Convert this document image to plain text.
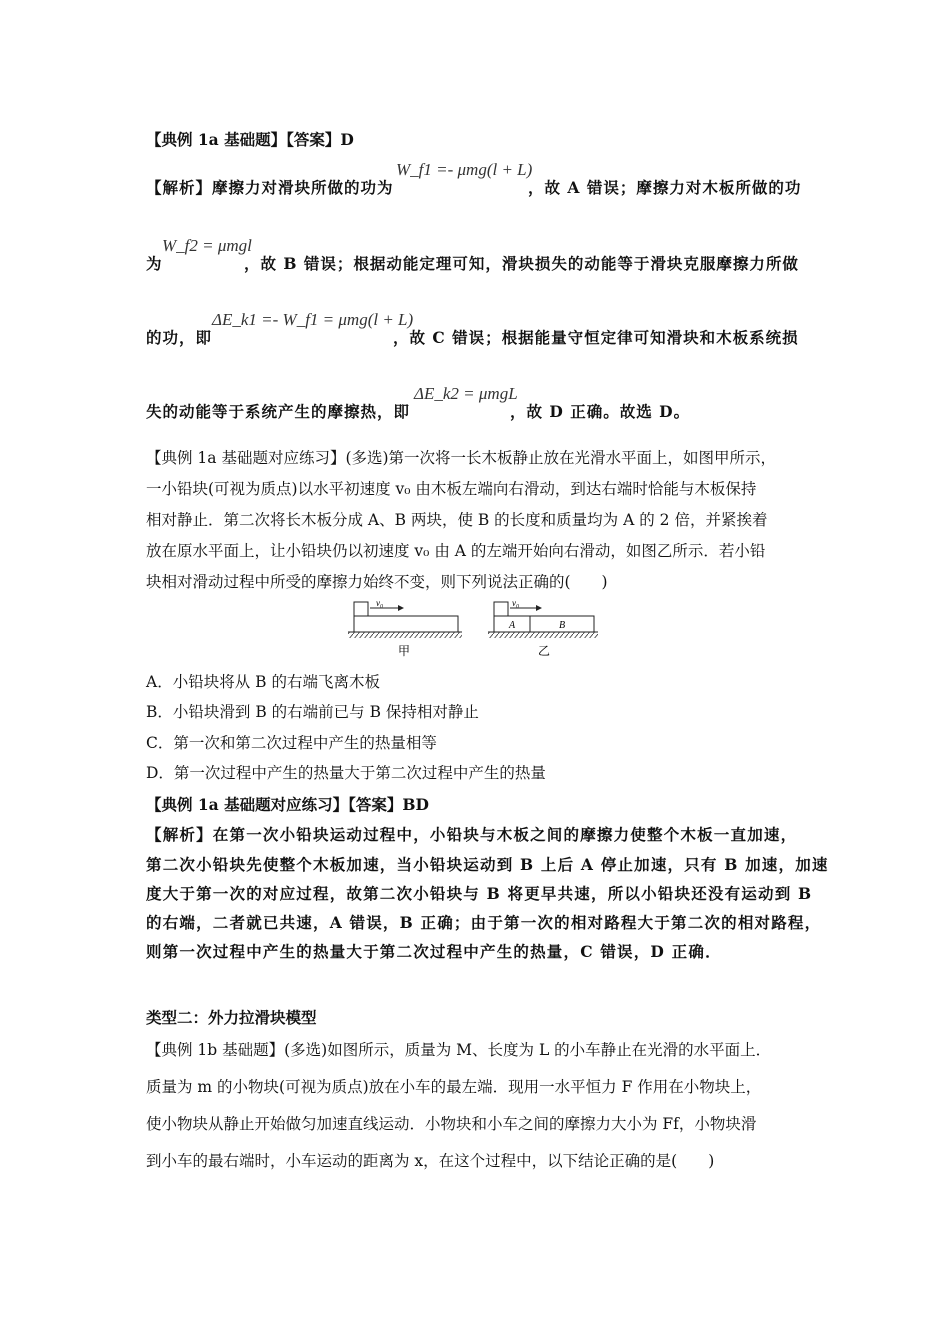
【典例 1a 基础题】【答案】D
【解析】摩擦力对滑块所做的功为
W_f1 =- μmg(l + L)
，故 A 错误；摩擦力对木板所做的功
为
W_f2 = μmgl
，故 B 错误；根据动能定理可知，滑块损失的动能等于滑块克服摩擦力所做
的功，即
ΔE_k1 =- W_f1 = μmg(l + L)
，故 C 错误；根据能量守恒定律可知滑块和木板系统损
失的动能等于系统产生的摩擦热，即
ΔE_k2 = μmgL
，故 D 正确。故选 D。
【典例 1a 基础题对应练习】(多选)第一次将一长木板静止放在光滑水平面上，如图甲所示，
一小铅块(可视为质点)以水平初速度 v₀ 由木板左端向右滑动，到达右端时恰能与木板保持
相对静止．第二次将长木板分成 A、B 两块，使 B 的长度和质量均为 A 的 2 倍，并紧挨着
放在原水平面上，让小铅块仍以初速度 v₀ 由 A 的左端开始向右滑动，如图乙所示．若小铅
块相对滑动过程中所受的摩擦力始终不变，则下列说法正确的(　　)
v₀
甲
v₀
A	B
乙
A．小铅块将从 B 的右端飞离木板
B．小铅块滑到 B 的右端前已与 B 保持相对静止
C．第一次和第二次过程中产生的热量相等
D．第一次过程中产生的热量大于第二次过程中产生的热量
【典例 1a 基础题对应练习】【答案】BD
【解析】在第一次小铅块运动过程中，小铅块与木板之间的摩擦力使整个木板一直加速，
第二次小铅块先使整个木板加速，当小铅块运动到 B 上后 A 停止加速，只有 B 加速，加速
度大于第一次的对应过程，故第二次小铅块与 B 将更早共速，所以小铅块还没有运动到 B
的右端，二者就已共速，A 错误，B 正确；由于第一次的相对路程大于第二次的相对路程，
则第一次过程中产生的热量大于第二次过程中产生的热量，C 错误，D 正确．
类型二：外力拉滑块模型
【典例 1b 基础题】(多选)如图所示，质量为 M、长度为 L 的小车静止在光滑的水平面上．
质量为 m 的小物块(可视为质点)放在小车的最左端．现用一水平恒力 F 作用在小物块上，
使小物块从静止开始做匀加速直线运动．小物块和小车之间的摩擦力大小为 Ff，小物块滑
到小车的最右端时，小车运动的距离为 x，在这个过程中，以下结论正确的是(　　)
